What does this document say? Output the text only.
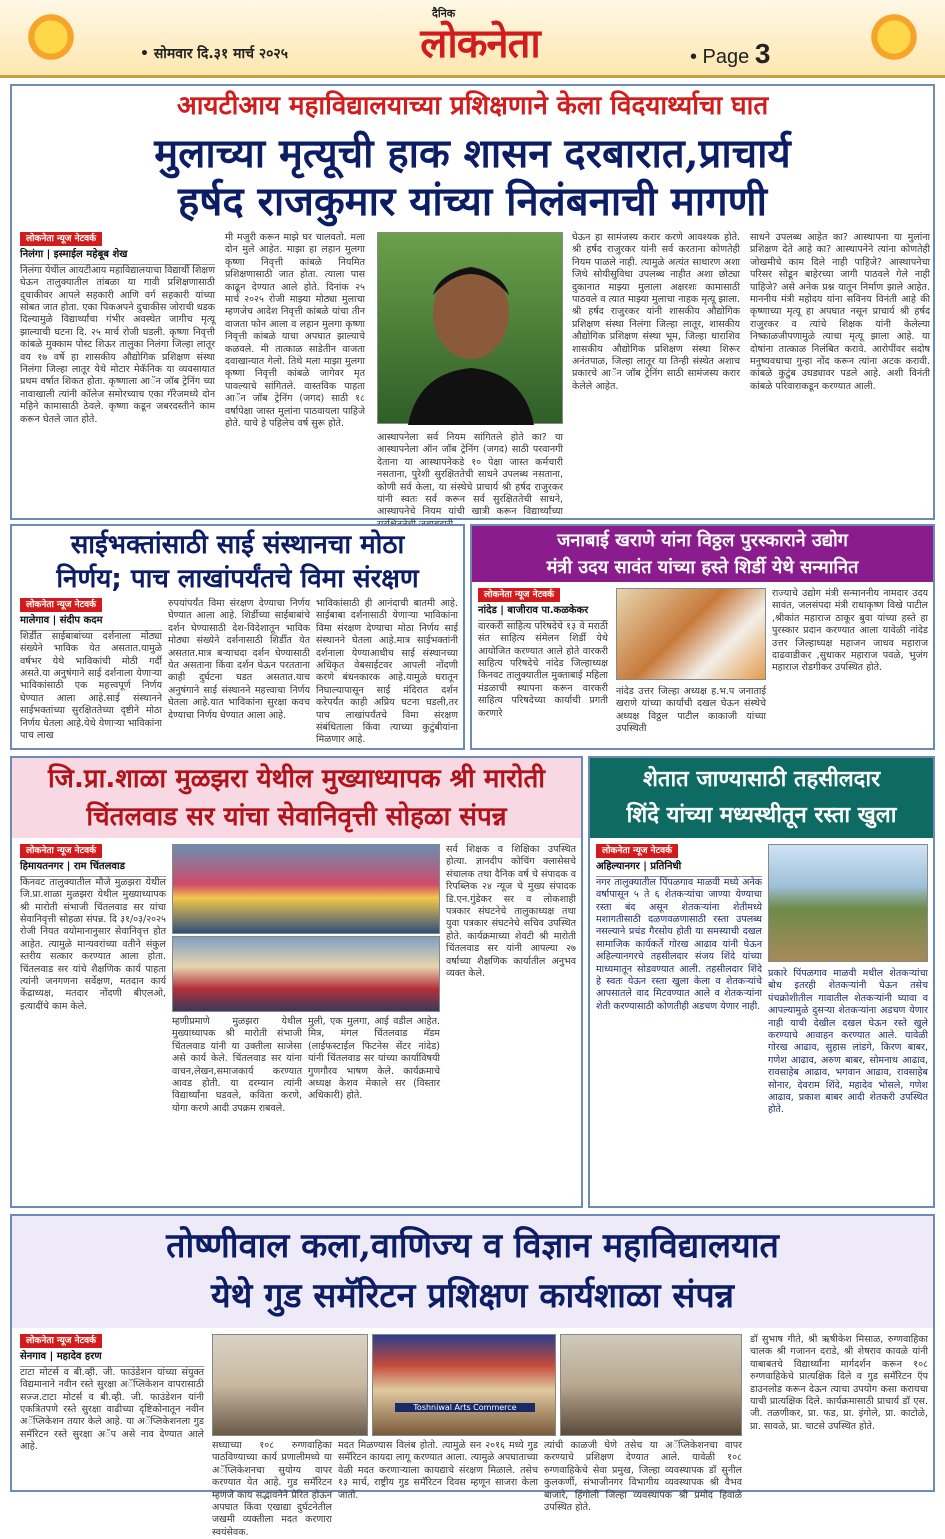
• सोमवार दि.३१ मार्च २०२५
दैनिक
लोकनेता	• Page 3
आयटीआय महाविद्यालयाच्या प्रशिक्षणाने केला विदयार्थ्याचा घात
मुलाच्या मृत्यूची हाक शासन दरबारात,प्राचार्य
हर्षद राजकुमार यांच्या निलंबनाची मागणी
लोकनेता न्यूज नेटवर्क
निलंगा | इस्माईल महेबूब शेख
निलंगा येथील आयटीआय महाविद्यालयाचा विद्यार्थी शिक्षण घेऊन तालुक्यातील तांबळा या गावी प्रशिक्षणासाठी दुचाकीवर आपले सहकारी आणि वर्ग सहकारी यांच्या सोबत जात होता. एका पिकअपने दुचाकीस जोराची धडक दिल्यामुळे विद्यार्थ्यांचा गंभीर अवस्थेत जागीच मृत्यू झाल्याची घटना दि. २५ मार्च रोजी घडली. कृष्णा निवृत्ती कांबळे मुक्काम पोस्ट शिऊर तालुका निलंगा जिल्हा लातूर वय १७ वर्षे हा शासकीय औद्योगिक प्रशिक्षण संस्था निलंगा जिल्हा लातूर येथे मोटार मेकॅनिक या व्यवसायात प्रथम वर्षात शिकत होता. कृष्णाला आॅन जॉब ट्रेनिंग च्या नावाखाली त्यांनी कॉलेज समोरच्याच एका गॅरेजमध्ये दोन महिने कामासाठी ठेवले. कृष्णा कडून जबरदस्तीने काम करून घेतले जात होते.
मी मजुरी करून माझे घर चालवतो. मला दोन मुले आहेत. माझा हा लहान मुलगा कृष्णा निवृत्ती कांबळे नियमित प्रशिक्षणासाठी जात होता. त्याला पास काढून देण्यात आले होते. दिनांक २५ मार्च २०२५ रोजी माझ्या मोठ्या मुलाचा म्हणजेच आदेश निवृत्ती कांबळे यांचा तीन वाजता फोन आला व लहान मुलगा कृष्णा निवृत्ती कांबळे याचा अपघात झाल्याचे कळवले. मी तात्काळ साडेतीन वाजता दवाखान्यात गेलो. तिथे मला माझा मुलगा कृष्णा निवृत्ती कांबळे जागेवर मृत पावल्याचे सांगितले. वास्तविक पाहता आॅन जॉब ट्रेनिंग (जगद) साठी १८ वर्षापेक्षा जास्त मुलांना पाठवायला पाहिजे होते. याचे हे पहिलेच वर्ष सुरू होते.
आस्थापनेला सर्व नियम सांगितले होते का? या आस्थापनेला ऑन जॉब ट्रेनिंग (जगद) साठी परवानगी देताना या आस्थापनेकडे १० पेक्षा जास्त कर्मचारी नसताना, पुरेशी सुरक्षिततेची साधने उपलब्ध नसताना, कोणी सर्व केला, या संस्थेचे प्राचार्य श्री हर्षद राजुरकर यांनी स्वतः सर्व करून सर्व सुरक्षिततेची साधने, आस्थापनेचे नियम यांची खात्री करून विद्यार्थ्यांच्या
घेऊन हा सामंजस्य करार करणे आवश्यक होते. श्री हर्षद राजुरकर यांनी सर्व करताना कोणतेही नियम पाळले नाही. त्यामुळे अत्यंत साधारण अशा जिथे सोयीसुविधा उपलब्ध नाहीत अशा छोट्या दुकानात माझ्या मुलाला अक्षरशः कामासाठी पाठवले व त्यात माझ्या मुलाचा नाहक मृत्यू झाला. श्री हर्षद राजुरकर यांनी शासकीय औद्योगिक प्रशिक्षण संस्था निलंगा जिल्हा लातूर, शासकीय औद्योगिक प्रशिक्षण संस्था भूम, जिल्हा धाराशिव शासकीय औद्योगिक प्रशिक्षण संस्था शिरूर अनंतपाळ, जिल्हा लातूर या तिन्ही संस्थेत अशाच प्रकारचे आॅन जॉब ट्रेनिंग साठी सामंजस्य करार केलेले आहेत.
साधने उपलब्ध आहेत का? आस्थापना या मुलांना प्रशिक्षण देते आहे का? आस्थापनेने त्यांना कोणतेही जोखमीचे काम दिले नाही पाहिजे? आस्थापनेचा परिसर सोडून बाहेरच्या जागी पाठवले गेले नाही पाहिजे? असे अनेक प्रश्न यातून निर्माण झाले आहेत. माननीय मंत्री महोदय यांना सविनय विनंती आहे की कृष्णाच्या मृत्यू हा अपघात नसून प्राचार्य श्री हर्षद राजुरकर व त्यांचे शिक्षक यांनी केलेल्या निष्काळजीपणामुळे त्याचा मृत्यू झाला आहे. या दोषांना तात्काळ निलंबित करावे. आरोपींवर सदोष मनुष्यवधाचा गुन्हा नोंद करून त्यांना अटक करावी. कांबळे कुटुंब उघड्यावर पडले आहे. अशी विनंती कांबळे परिवाराकडून करण्यात आली.
साईभक्तांसाठी साई संस्थानचा मोठा
निर्णय; पाच लाखांपर्यंतचे विमा संरक्षण
लोकनेता न्यूज नेटवर्क
मालेगाव | संदीप कदम
शिर्डीत साईबाबांच्या दर्शनाला मोठ्या संख्येने भाविक येत असतात.यामुळे वर्षभर येथे भाविकांची मोठी गर्दी असते.या अनुषंगाने साई दर्शनाला येणाऱ्या भाविकांसाठी एक महत्त्वपूर्ण निर्णय घेण्यात आला आहे.साई संस्थानने साईभक्तांच्या सुरक्षिततेच्या दृष्टीने मोठा निर्णय घेतला आहे.येथे येणाऱ्या भाविकांना पाच लाख
रुपयांपर्यंत विमा संरक्षण देण्याचा निर्णय घेण्यात आला आहे. शिर्डीच्या साईबाबांचे दर्शन घेण्यासाठी देश-विदेशातून भाविक मोठ्या संख्येने दर्शनासाठी शिर्डीत येत असतात.मात्र बऱ्याचदा दर्शन घेण्यासाठी येत असताना किंवा दर्शन घेऊन परतताना काही दुर्घटना घडत असतात.याच अनुषंगाने साई संस्थानने महत्त्वाचा निर्णय घेतला आहे.यात भाविकांना सुरक्षा कवच देण्याचा निर्णय घेण्यात आला आहे.
भाविकांसाठी ही आनंदाची बातमी आहे. साईबाबा दर्शनासाठी येणाऱ्या भाविकांना विमा संरक्षण देण्याचा मोठा निर्णय साई संस्थानने घेतला आहे.मात्र साईभक्तांनी दर्शनाला येण्याआधीच साई संस्थानच्या अधिकृत वेबसाईटवर आपली नोंदणी करणे बंधनकारक आहे.यामुळे घरातून निघाल्यापासून साई मंदिरात दर्शन करेपर्यंत काही अप्रिय घटना घडली,तर पाच लाखांपर्यंतचे विमा संरक्षण संबंधिताला किंवा त्याच्या कुटुंबीयांना मिळणार आहे.
जनाबाई खराणे यांना विठ्ठल पुरस्काराने उद्योग
मंत्री उदय सावंत यांच्या हस्ते शिर्डी येथे सन्मानित
लोकनेता न्यूज नेटवर्क
नांदेड | बाजीराव पा.कळकेकर
वारकरी साहित्य परिषदेचे १३ वे मराठी संत साहित्य संमेलन शिर्डी येथे आयोजित करण्यात आले होते वारकरी साहित्य परिषदेचे नांदेड जिल्हाध्यक्ष किनवट तालुक्यातील मुक्ताबाई महिला मंडळाची स्थापना करून वारकरी साहित्य परिषदेच्या कार्याची प्रगती करणारे
नांदेड उत्तर जिल्हा अध्यक्ष ह.भ.प जनाताई खराणे यांच्या कार्याची दखल घेऊन संस्थेचे अध्यक्ष विठ्ठल पाटील काकाजी यांच्या उपस्थिती
राज्याचे उद्योग मंत्री सन्माननीय नामदार उदय सावंत, जलसंपदा मंत्री राधाकृष्ण विखे पाटील ,श्रीकांत महाराज ठाकूर बुवा यांच्या हस्ते हा पुरस्कार प्रदान करण्यात आला यावेळी नांदेड उत्तर जिल्हाध्यक्ष महाजन जाधव महाराज दाढवाडीकर ,सुधाकर महाराज पवळे, भुजंग महाराज रोडगीकर उपस्थित होते.
जि.प्रा.शाळा मुळझरा येथील मुख्याध्यापक श्री मारोती
चिंतलवाड सर यांचा सेवानिवृत्ती सोहळा संपन्न
लोकनेता न्यूज नेटवर्क
हिमायतनगर | राम चिंतलवाड
किनवट तालुक्यातील मौजे मुळझरा येथील जि.प्रा.शाळा मुळझरा येथील मुख्याध्यापक श्री मारोती संभाजी चिंतलवाड सर यांचा सेवानिवृत्ती सोहळा संपन्न. दि ३१/०३/२०२५ रोजी नियत वयोमानानुसार सेवानिवृत्त होत आहेत. त्यामुळे मान्यवरांच्या वतीने संकुल स्तरीय सत्कार करण्यात आला होता. चिंतलवाड सर यांचे शैक्षणिक कार्य पाहता त्यांनी जनगणना सर्वेक्षण, मतदान कार्य केंद्राध्यक्ष, मतदार नोंदणी बीएलओ, इत्यादींचे काम केले.
म्हणीप्रमाणे मुळझरा येथील मुख्याध्यापक श्री मारोती संभाजी चिंतलवाड यांनी या उक्तीला साजेसा असे कार्य केले. चिंतलवाड सर यांना वाचन,लेखन,समाजकार्य करण्यात आवड होती. या दरम्यान त्यांनी विद्यार्थ्यांना घडवले, कविता करणे, योगा करणे आदी उपक्रम राबवले.
मुली, एक मुलगा, आई वडील आहेत. मित्र, मंगल चिंतलवाड मॅडम (लाईफस्टाईल फिटनेस सेंटर नांदेड) यांनी चिंतलवाड सर यांच्या कार्याविषयी गुणगौरव भाषण केले. कार्यक्रमाचे अध्यक्ष केशव मेकाले सर (विस्तार अधिकारी) होते.
सर्व शिक्षक व शिक्षिका उपस्थित होत्या. ज्ञानदीप कोचिंग क्लासेसचे संचालक तथा दैनिक वर्ष चे संपादक व रिपब्लिक २४ न्यूज चे मुख्य संपादक डि.एन.गुंडेकर सर व लोकशाही पत्रकार संघटनेचे तालुकाध्यक्ष तथा युवा पत्रकार संघटनेचे सचिव उपस्थित होते. कार्यक्रमाच्या शेवटी श्री मारोती चिंतलवाड सर यांनी आपल्या २७ वर्षाच्या शैक्षणिक कार्यातील अनुभव व्यक्त केले.
शेतात जाण्यासाठी तहसीलदार
शिंदे यांच्या मध्यस्थीतून रस्ता खुला
लोकनेता न्यूज नेटवर्क
अहिल्यानगर | प्रतिनिधी
नगर तालुक्यातील पिंपळगाव माळवी मध्ये अनेक वर्षापासून ५ ते ६ शेतकऱ्यांचा जाण्या येण्याचा रस्ता बंद असून शेतकऱ्यांना शेतीमध्ये मशागतीसाठी दळणवळणासाठी रस्ता उपलब्ध नसल्याने प्रचंड गैरसोय होती या समस्याची दखल सामाजिक कार्यकर्ते गोरख आढाव यांनी घेऊन अहिल्यानगरचे तहसीलदार संजय शिंदे यांच्या माध्यमातून सोडवण्यात आली. तहसीलदार शिंदे हे स्वतः येऊन रस्ता खुला केला व शेतकऱ्यांचे आपसातले वाद मिटवण्यात आले व शेतकऱ्यांना शेती करण्यासाठी कोणतीही अडचण येणार नाही.
प्रकारे पिंपळगाव माळवी मधील शेतकऱ्यांचा बोध इतरही शेतकऱ्यांनी घेऊन तसेच पंचक्रोशीतील गावातील शेतकऱ्यांनी घ्यावा व आपल्यामुळे दुसऱ्या शेतकऱ्यांना अडचण येणार नाही याची देखील दखल घेऊन रस्ते खुले करण्याचे आवाहन करण्यात आले. यावेळी गोरख आढाव, सुहास लांडगे, किरण बाबर, गणेश आढाव, अरुण बाबर, सोमनाथ आढाव, रावसाहेब आढाव, भगवान आढाव, रावसाहेब सोनार, देवराम शिंदे, महादेव भोसले, गणेश आढाव, प्रकाश बाबर आदी शेतकरी उपस्थित होते.
तोष्णीवाल कला,वाणिज्य व विज्ञान महाविद्यालयात
येथे गुड समॅरिटन प्रशिक्षण कार्यशाळा संपन्न
लोकनेता न्यूज नेटवर्क
सेनगाव | महादेव हरण
टाटा मोटर्स व बी.व्ही. जी. फाउंडेशन यांच्या संयुक्त विद्यमानाने नवीन रस्ते सुरक्षा अॅप्लिकेशन वापरासाठी सज्ज.टाटा मोटर्स व बी.व्ही. जी. फाउंडेशन यांनी एकत्रितपणे रस्ते सुरक्षा वाढीच्या दृष्टिकोनातून नवीन अॅप्लिकेशन तयार केले आहे. या अॅप्लिकेशनला गुड समॅरिटन रस्ते सुरक्षा अॅप असे नाव देण्यात आले आहे.
Toshniwal Arts Commerce
सध्याच्या १०८ रुग्णवाहिका पाठविण्याच्या कार्य प्रणालीमध्ये या अॅप्लिकेशनचा सुयोग्य वापर करण्यात येत आहे. गुड समॅरिटन म्हणजे काय सद्भावनेने प्रेरित होऊन अपघात किंवा एखाद्या दुर्घटनेतील जखमी व्यक्तीला मदत करणारा स्वयंसेवक.
मदत मिळण्यास विलंब होतो. त्यामुळे सन २०१६ मध्ये गुड समॅरिटन कायदा लागू करण्यात आला. त्यामुळे अपघाताच्या वेळी मदत करणाऱ्याला कायद्याचे संरक्षण मिळाले. तसेच १३ मार्च, राष्ट्रीय गुड समॅरिटन दिवस म्हणून साजरा केला जातो.
त्यांची काळजी घेणे तसेच या अॅप्लिकेशनचा वापर करण्याचे प्रशिक्षण देण्यात आले. यावेळी १०८ रुग्णवाहिकेचे सेवा प्रमुख, जिल्हा व्यवस्थापक डॉ सुनील कुलकर्णी, संभाजीनगर विभागीय व्यवस्थापक श्री वैभव बाजारे, हिंगोली जिल्हा व्यवस्थापक श्री प्रमोद हिवाळे उपस्थित होते.
डॉ सुभाष गीते, श्री ऋषीकेश मिसाळ, रुग्णवाहिका चालक श्री गजानन दराडे, श्री शेषराव कावळे यांनी याबाबतचे विद्यार्थ्यांना मार्गदर्शन करून १०८ रुग्णवाहिकेचे प्रात्यक्षिक दिले व गुड समॅरिटन ऍप डाउनलोड करून देऊन त्याचा उपयोग कसा करायचा याची प्रात्यक्षिक दिले. कार्यक्रमासाठी प्राचार्य डॉ एस. जी. तळणीकर, प्रा. फड, प्रा. इंगोले, प्रा. काटोळे, प्रा. सावळे, प्रा. चाटसे उपस्थित होते.
